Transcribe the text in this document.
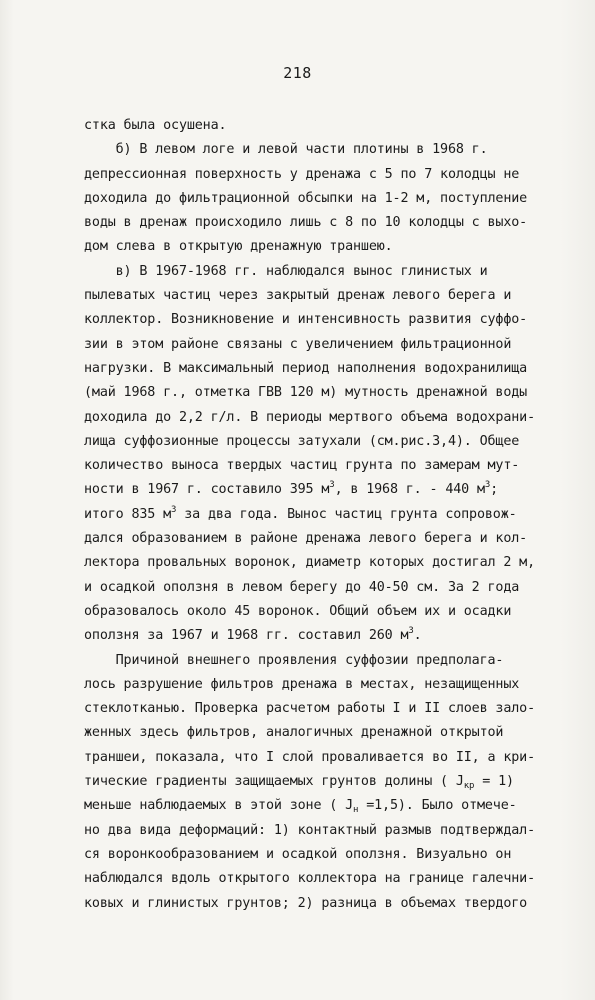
218
стка была осушена.
б) В левом логе и левой части плотины в 1968 г.
депрессионная поверхность у дренажа с 5 по 7 колодцы не
доходила до фильтрационной обсыпки на 1-2 м, поступление
воды в дренаж происходило лишь с 8 по 10 колодцы с выхо-
дом слева в открытую дренажную траншею.
в) В 1967-1968 гг. наблюдался вынос глинистых и
пылеватых частиц через закрытый дренаж левого берега и
коллектор. Возникновение и интенсивность развития суффо-
зии в этом районе связаны с увеличением фильтрационной
нагрузки. В максимальный период наполнения водохранилища
(май 1968 г., отметка ГВВ 120 м) мутность дренажной воды
доходила до 2,2 г/л. В периоды мертвого объема водохрани-
лища суффозионные процессы затухали (см.рис.3,4). Общее
количество выноса твердых частиц грунта по замерам мут-
ности в 1967 г. составило 395 $м^3$, в 1968 г. - 440 $м^3$;
итого 835 $м^3$ за два года. Вынос частиц грунта сопровож-
дался образованием в районе дренажа левого берега и кол-
лектора провальных воронок, диаметр которых достигал 2 м,
и осадкой оползня в левом берегу до 40-50 см. За 2 года
образовалось около 45 воронок. Общий объем их и осадки
оползня за 1967 и 1968 гг. составил 260 $м^3$.
Причиной внешнего проявления суффозии предполага-
лось разрушение фильтров дренажа в местах, незащищенных
стеклотканью. Проверка расчетом работы I и II слоев зало-
женных здесь фильтров, аналогичных дренажной открытой
траншеи, показала, что I слой проваливается во II, а кри-
тические градиенты защищаемых грунтов долины ( $J_{кр} = 1$)
меньше наблюдаемых в этой зоне ( $J_н =1,5$). Было отмече-
но два вида деформаций: 1) контактный размыв подтверждал-
ся воронкообразованием и осадкой оползня. Визуально он
наблюдался вдоль открытого коллектора на границе галечни-
ковых и глинистых грунтов; 2) разница в объемах твердого
